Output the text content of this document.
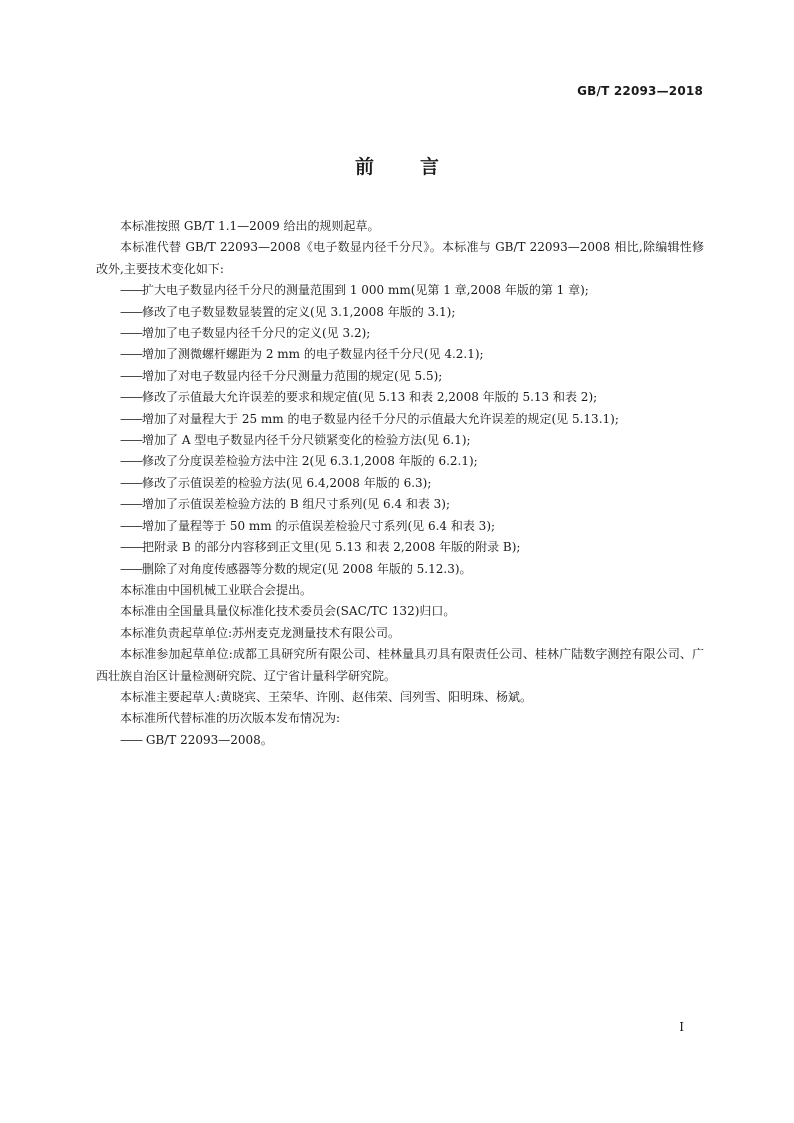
GB/T 22093—2018
前言

本标准按照 GB/T 1.1—2009 给出的规则起草。

本标准代替 GB/T 22093—2008《电子数显内径千分尺》。本标准与 GB/T 22093—2008 相比,除编辑性修改外,主要技术变化如下:

——扩大电子数显内径千分尺的测量范围到 1 000 mm(见第 1 章,2008 年版的第 1 章);

——修改了电子数显数显装置的定义(见 3.1,2008 年版的 3.1);

——增加了电子数显内径千分尺的定义(见 3.2);

——增加了测微螺杆螺距为 2 mm 的电子数显内径千分尺(见 4.2.1);

——增加了对电子数显内径千分尺测量力范围的规定(见 5.5);

——修改了示值最大允许误差的要求和规定值(见 5.13 和表 2,2008 年版的 5.13 和表 2);

——增加了对量程大于 25 mm 的电子数显内径千分尺的示值最大允许误差的规定(见 5.13.1);

——增加了 A 型电子数显内径千分尺锁紧变化的检验方法(见 6.1);

——修改了分度误差检验方法中注 2(见 6.3.1,2008 年版的 6.2.1);

——修改了示值误差的检验方法(见 6.4,2008 年版的 6.3);

——增加了示值误差检验方法的 B 组尺寸系列(见 6.4 和表 3);

——增加了量程等于 50 mm 的示值误差检验尺寸系列(见 6.4 和表 3);

——把附录 B 的部分内容移到正文里(见 5.13 和表 2,2008 年版的附录 B);

——删除了对角度传感器等分数的规定(见 2008 年版的 5.12.3)。

本标准由中国机械工业联合会提出。

本标准由全国量具量仪标准化技术委员会(SAC/TC 132)归口。

本标准负责起草单位:苏州麦克龙测量技术有限公司。

本标准参加起草单位:成都工具研究所有限公司、桂林量具刃具有限责任公司、桂林广陆数字测控有限公司、广西壮族自治区计量检测研究院、辽宁省计量科学研究院。

本标准主要起草人:黄晓宾、王荣华、许刚、赵伟荣、闫列雪、阳明珠、杨斌。

本标准所代替标准的历次版本发布情况为:

—— GB/T 22093—2008。

I
